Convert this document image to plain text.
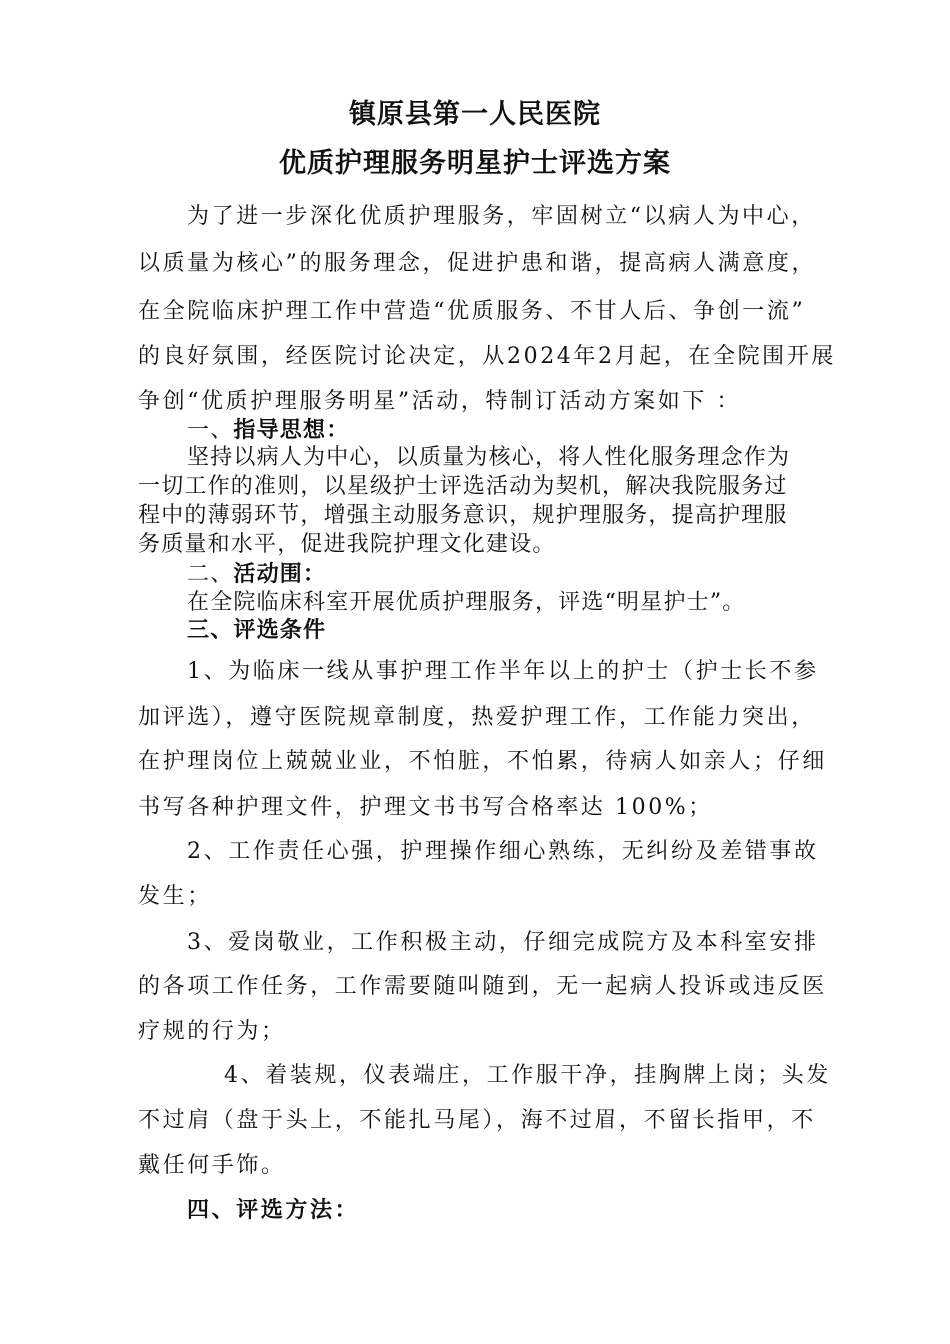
镇原县第一人民医院
优质护理服务明星护士评选方案
为了进一步深化优质护理服务，牢固树立“以病人为中心，
以质量为核心”的服务理念，促进护患和谐，提高病人满意度，
在全院临床护理工作中营造“优质服务、不甘人后、争创一流”
的良好氛围，经医院讨论决定，从2024年2月起，在全院围开展
争创“优质护理服务明星”活动，特制订活动方案如下 ：
一、指导思想：
坚持以病人为中心，以质量为核心，将人性化服务理念作为
一切工作的准则，以星级护士评选活动为契机，解决我院服务过
程中的薄弱环节，增强主动服务意识，规护理服务，提高护理服
务质量和水平，促进我院护理文化建设。
二、活动围：
在全院临床科室开展优质护理服务，评选“明星护士”。
三、评选条件
1、为临床一线从事护理工作半年以上的护士（护士长不参
加评选），遵守医院规章制度，热爱护理工作，工作能力突出，
在护理岗位上兢兢业业，不怕脏，不怕累，待病人如亲人；仔细
书写各种护理文件，护理文书书写合格率达 100%；
2、工作责任心强，护理操作细心熟练，无纠纷及差错事故
发生；
3、爱岗敬业，工作积极主动，仔细完成院方及本科室安排
的各项工作任务，工作需要随叫随到，无一起病人投诉或违反医
疗规的行为；
4、着装规，仪表端庄，工作服干净，挂胸牌上岗；头发
不过肩（盘于头上，不能扎马尾），海不过眉，不留长指甲，不
戴任何手饰。
四、评选方法：
